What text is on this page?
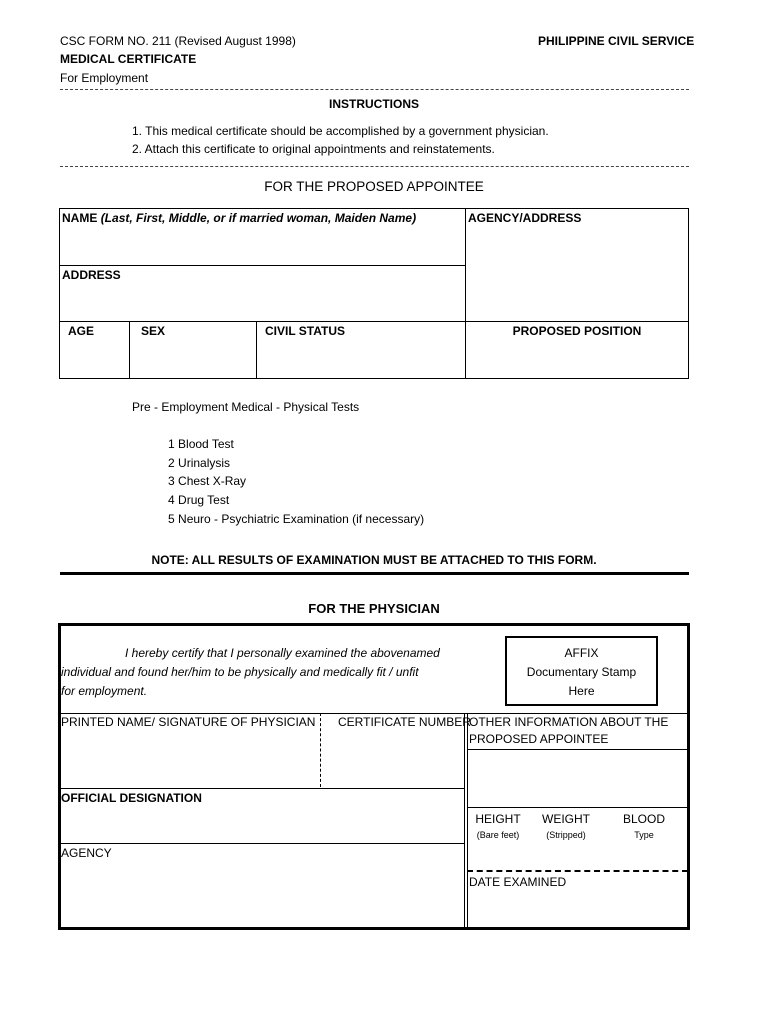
CSC FORM NO. 211 (Revised August 1998)	PHILIPPINE CIVIL SERVICE
MEDICAL CERTIFICATE
For Employment
INSTRUCTIONS
1. This medical certificate should be accomplished by a government physician.
2. Attach this certificate to original appointments and reinstatements.
FOR THE PROPOSED APPOINTEE
NAME (Last, First, Middle, or if married woman, Maiden Name)	AGENCY/ADDRESS
ADDRESS
AGE	SEX	CIVIL STATUS	PROPOSED POSITION
Pre - Employment Medical - Physical Tests
1 Blood Test
2 Urinalysis
3 Chest X-Ray
4 Drug Test
5 Neuro - Psychiatric Examination (if necessary)
NOTE: ALL RESULTS OF EXAMINATION MUST BE ATTACHED TO THIS FORM.
FOR THE PHYSICIAN
I hereby certify that I personally examined the abovenamed
individual and found her/him to be physically and medically fit / unfit
for employment.
AFFIX
Documentary Stamp
Here
PRINTED NAME/ SIGNATURE OF PHYSICIAN CERTIFICATE NUMBER
OTHER INFORMATION ABOUT THE
PROPOSED APPOINTEE
OFFICIAL DESIGNATION
AGENCY
HEIGHT
(Bare feet)
WEIGHT
(Stripped)
BLOOD
Type
DATE EXAMINED
